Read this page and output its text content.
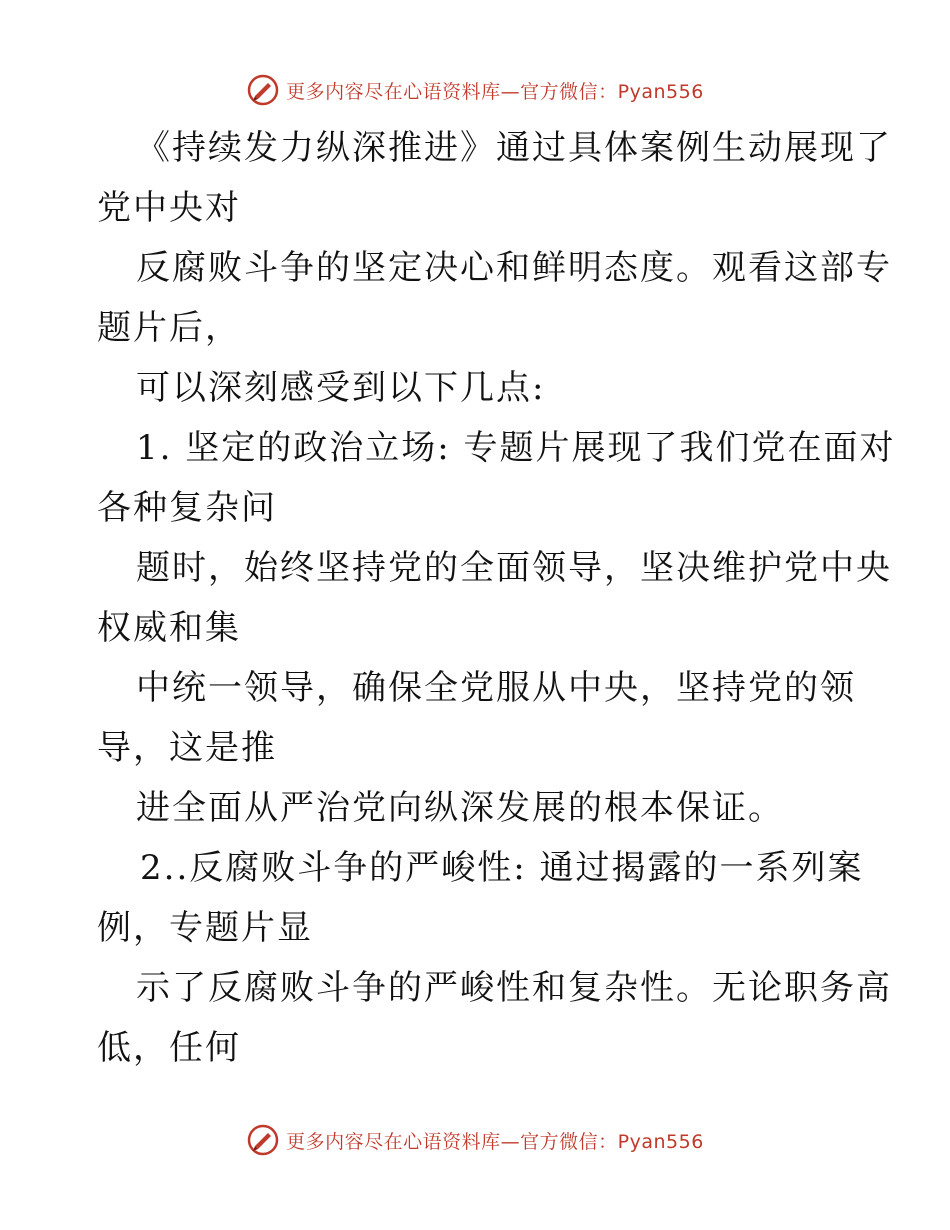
更多内容尽在心语资料库—官方微信：Pyan556

《持续发力纵深推进》通过具体案例生动展现了

党中央对

反腐败斗争的坚定决心和鲜明态度。观看这部专

题片后，

可以深刻感受到以下几点:

1. 坚定的政治立场: 专题片展现了我们党在面对

各种复杂问

题时，始终坚持党的全面领导，坚决维护党中央

权威和集

中统一领导，确保全党服从中央，坚持党的领

导，这是推

进全面从严治党向纵深发展的根本保证。

2..反腐败斗争的严峻性: 通过揭露的一系列案

例，专题片显

示了反腐败斗争的严峻性和复杂性。无论职务高

低，任何

更多内容尽在心语资料库—官方微信：Pyan556
